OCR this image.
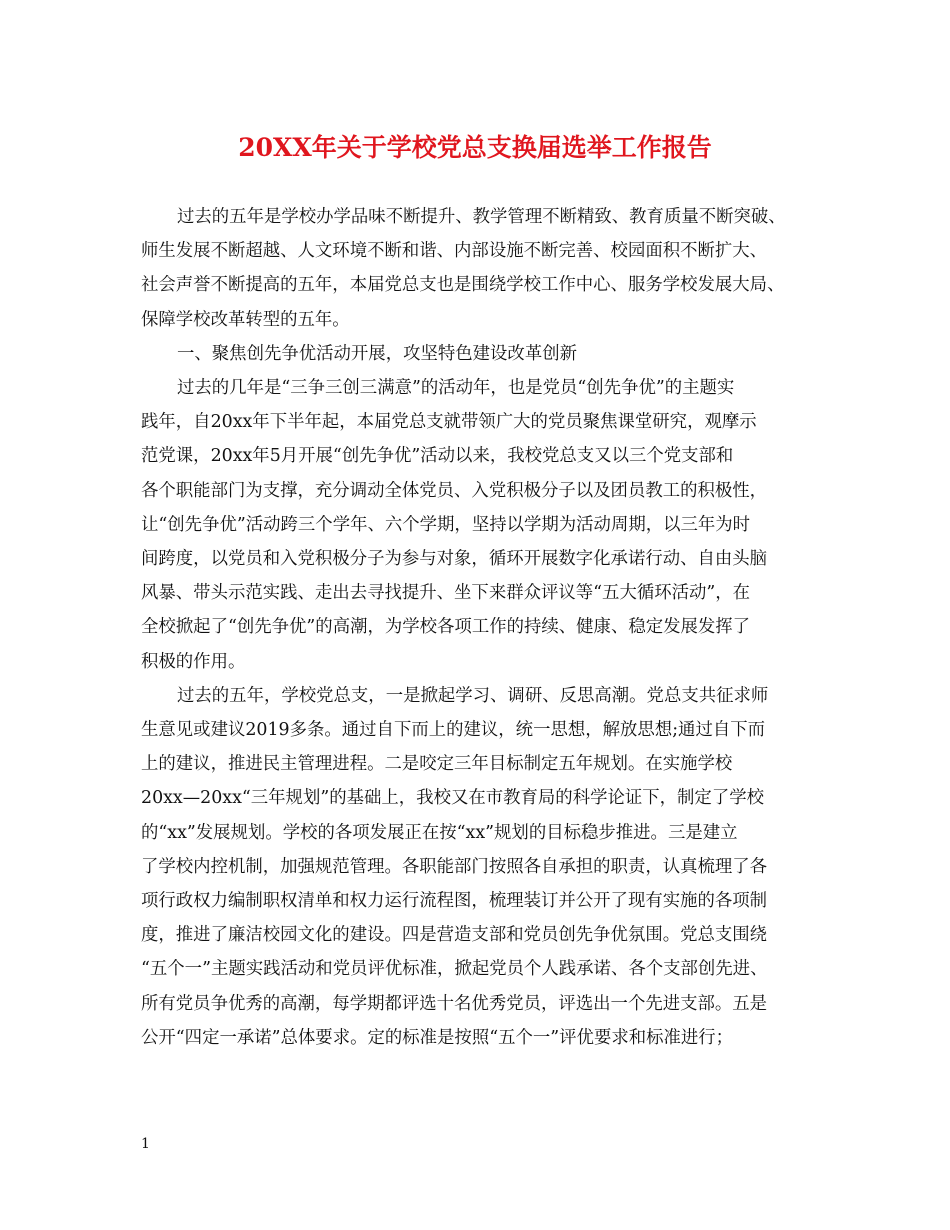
20XX年关于学校党总支换届选举工作报告
过去的五年是学校办学品味不断提升、教学管理不断精致、教育质量不断突破、
师生发展不断超越、人文环境不断和谐、内部设施不断完善、校园面积不断扩大、
社会声誉不断提高的五年，本届党总支也是围绕学校工作中心、服务学校发展大局、
保障学校改革转型的五年。
一、聚焦创先争优活动开展，攻坚特色建设改革创新
过去的几年是“三争三创三满意”的活动年，也是党员“创先争优”的主题实
践年，自20xx年下半年起，本届党总支就带领广大的党员聚焦课堂研究，观摩示
范党课，20xx年5月开展“创先争优”活动以来，我校党总支又以三个党支部和
各个职能部门为支撑，充分调动全体党员、入党积极分子以及团员教工的积极性，
让“创先争优”活动跨三个学年、六个学期，坚持以学期为活动周期，以三年为时
间跨度，以党员和入党积极分子为参与对象，循环开展数字化承诺行动、自由头脑
风暴、带头示范实践、走出去寻找提升、坐下来群众评议等“五大循环活动”，在
全校掀起了“创先争优”的高潮，为学校各项工作的持续、健康、稳定发展发挥了
积极的作用。
过去的五年，学校党总支，一是掀起学习、调研、反思高潮。党总支共征求师
生意见或建议2019多条。通过自下而上的建议，统一思想，解放思想;通过自下而
上的建议，推进民主管理进程。二是咬定三年目标制定五年规划。在实施学校
20xx—20xx“三年规划”的基础上，我校又在市教育局的科学论证下，制定了学校
的“xx”发展规划。学校的各项发展正在按“xx”规划的目标稳步推进。三是建立
了学校内控机制，加强规范管理。各职能部门按照各自承担的职责，认真梳理了各
项行政权力编制职权清单和权力运行流程图，梳理装订并公开了现有实施的各项制
度，推进了廉洁校园文化的建设。四是营造支部和党员创先争优氛围。党总支围绕
“五个一”主题实践活动和党员评优标准，掀起党员个人践承诺、各个支部创先进、
所有党员争优秀的高潮，每学期都评选十名优秀党员，评选出一个先进支部。五是
公开“四定一承诺”总体要求。定的标准是按照“五个一”评优要求和标准进行；
1
